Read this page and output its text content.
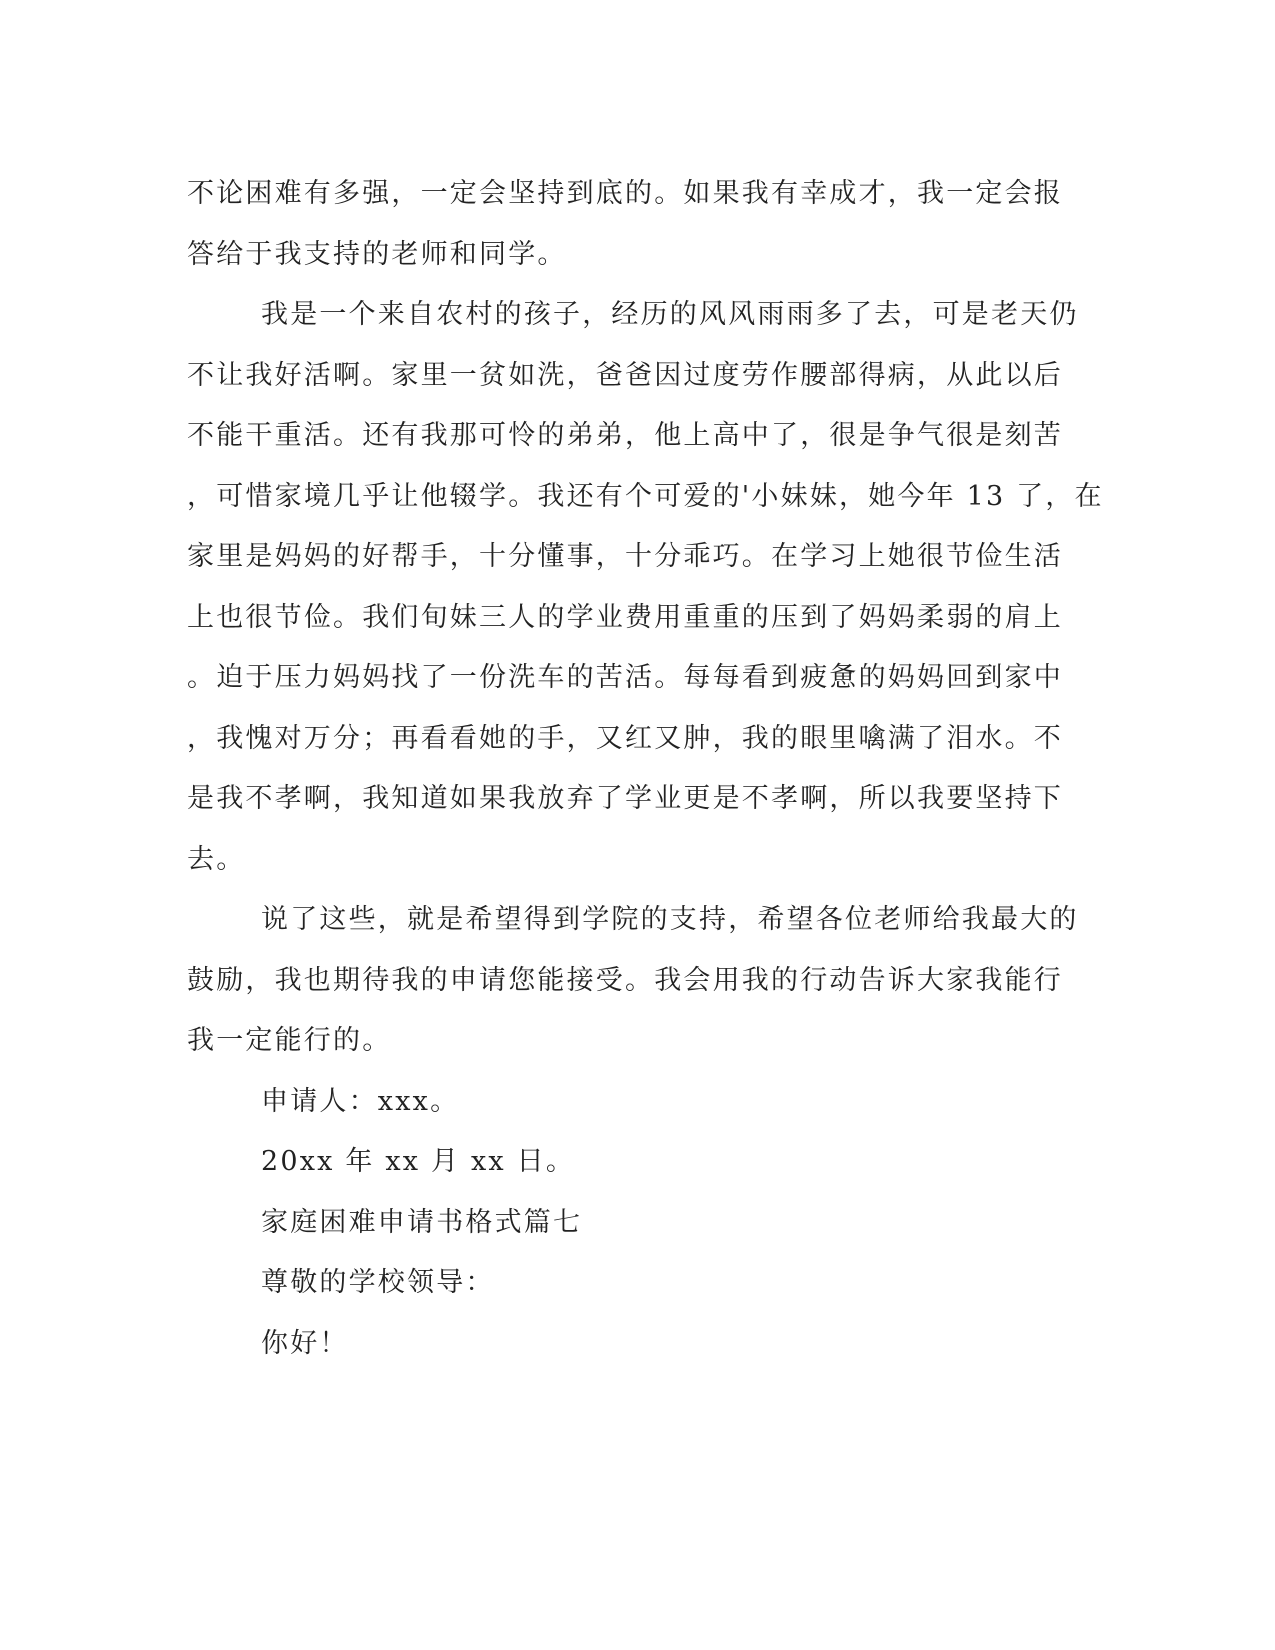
不论困难有多强，一定会坚持到底的。如果我有幸成才，我一定会报
答给于我支持的老师和同学。
我是一个来自农村的孩子，经历的风风雨雨多了去，可是老天仍
不让我好活啊。家里一贫如洗，爸爸因过度劳作腰部得病，从此以后
不能干重活。还有我那可怜的弟弟，他上高中了，很是争气很是刻苦
，可惜家境几乎让他辍学。我还有个可爱的'小妹妹，她今年 13 了，在
家里是妈妈的好帮手，十分懂事，十分乖巧。在学习上她很节俭生活
上也很节俭。我们旬妹三人的学业费用重重的压到了妈妈柔弱的肩上
。迫于压力妈妈找了一份洗车的苦活。每每看到疲惫的妈妈回到家中
，我愧对万分；再看看她的手，又红又肿，我的眼里噙满了泪水。不
是我不孝啊，我知道如果我放弃了学业更是不孝啊，所以我要坚持下
去。
说了这些，就是希望得到学院的支持，希望各位老师给我最大的
鼓励，我也期待我的申请您能接受。我会用我的行动告诉大家我能行
我一定能行的。
申请人：xxx。
20xx 年 xx 月 xx 日。
家庭困难申请书格式篇七
尊敬的学校领导：
你好！
